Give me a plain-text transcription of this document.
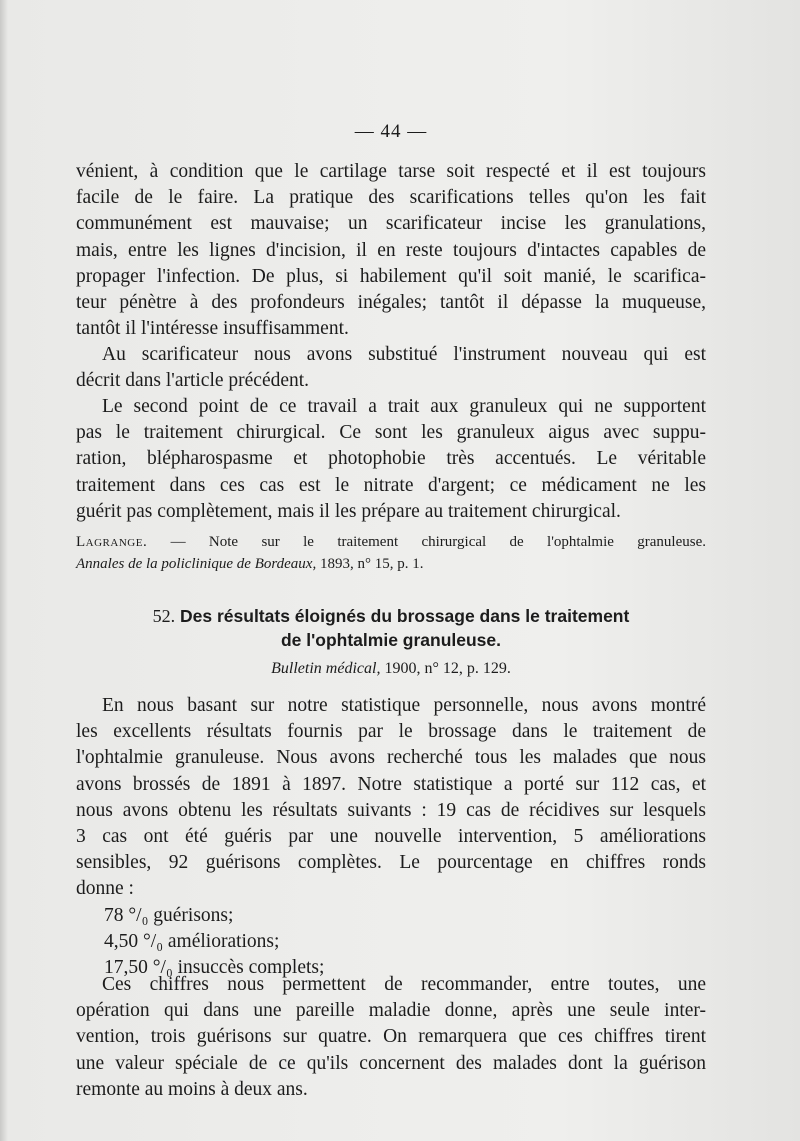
— 44 —
vénient, à condition que le cartilage tarse soit respecté et il est toujours
facile de le faire. La pratique des scarifications telles qu'on les fait
communément est mauvaise; un scarificateur incise les granulations,
mais, entre les lignes d'incision, il en reste toujours d'intactes capables de
propager l'infection. De plus, si habilement qu'il soit manié, le scarifica-
teur pénètre à des profondeurs inégales; tantôt il dépasse la muqueuse,
tantôt il l'intéresse insuffisamment.
Au scarificateur nous avons substitué l'instrument nouveau qui est
décrit dans l'article précédent.
Le second point de ce travail a trait aux granuleux qui ne supportent
pas le traitement chirurgical. Ce sont les granuleux aigus avec suppu-
ration, blépharospasme et photophobie très accentués. Le véritable
traitement dans ces cas est le nitrate d'argent; ce médicament ne les
guérit pas complètement, mais il les prépare au traitement chirurgical.
Lagrange. — Note sur le traitement chirurgical de l'ophtalmie granuleuse.
Annales de la policlinique de Bordeaux, 1893, n° 15, p. 1.
52. Des résultats éloignés du brossage dans le traitement
de l'ophtalmie granuleuse.
Bulletin médical, 1900, n° 12, p. 129.
En nous basant sur notre statistique personnelle, nous avons montré
les excellents résultats fournis par le brossage dans le traitement de
l'ophtalmie granuleuse. Nous avons recherché tous les malades que nous
avons brossés de 1891 à 1897. Notre statistique a porté sur 112 cas, et
nous avons obtenu les résultats suivants : 19 cas de récidives sur lesquels
3 cas ont été guéris par une nouvelle intervention, 5 améliorations
sensibles, 92 guérisons complètes. Le pourcentage en chiffres ronds
donne :
78 °/₀ guérisons;
4,50 °/₀ améliorations;
17,50 °/₀ insuccès complets;
Ces chiffres nous permettent de recommander, entre toutes, une
opération qui dans une pareille maladie donne, après une seule inter-
vention, trois guérisons sur quatre. On remarquera que ces chiffres tirent
une valeur spéciale de ce qu'ils concernent des malades dont la guérison
remonte au moins à deux ans.
